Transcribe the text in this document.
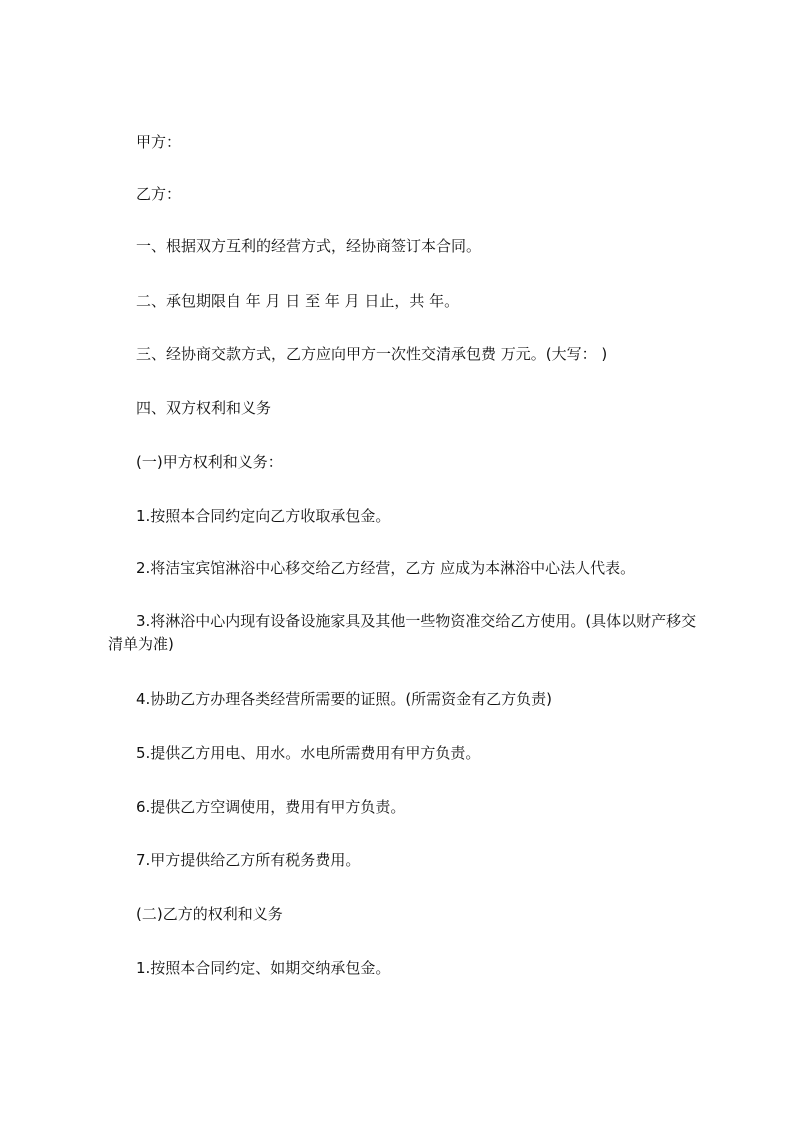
甲方：
乙方：
一、根据双方互利的经营方式，经协商签订本合同。
二、承包期限自 年 月 日 至 年 月 日止，共 年。
三、经协商交款方式，乙方应向甲方一次性交清承包费 万元。(大写： )
四、双方权利和义务
(一)甲方权利和义务：
1.按照本合同约定向乙方收取承包金。
2.将洁宝宾馆淋浴中心移交给乙方经营，乙方 应成为本淋浴中心法人代表。
3.将淋浴中心内现有设备设施家具及其他一些物资准交给乙方使用。(具体以财产移交清单为准)
4.协助乙方办理各类经营所需要的证照。(所需资金有乙方负责)
5.提供乙方用电、用水。水电所需费用有甲方负责。
6.提供乙方空调使用，费用有甲方负责。
7.甲方提供给乙方所有税务费用。
(二)乙方的权利和义务
1.按照本合同约定、如期交纳承包金。
